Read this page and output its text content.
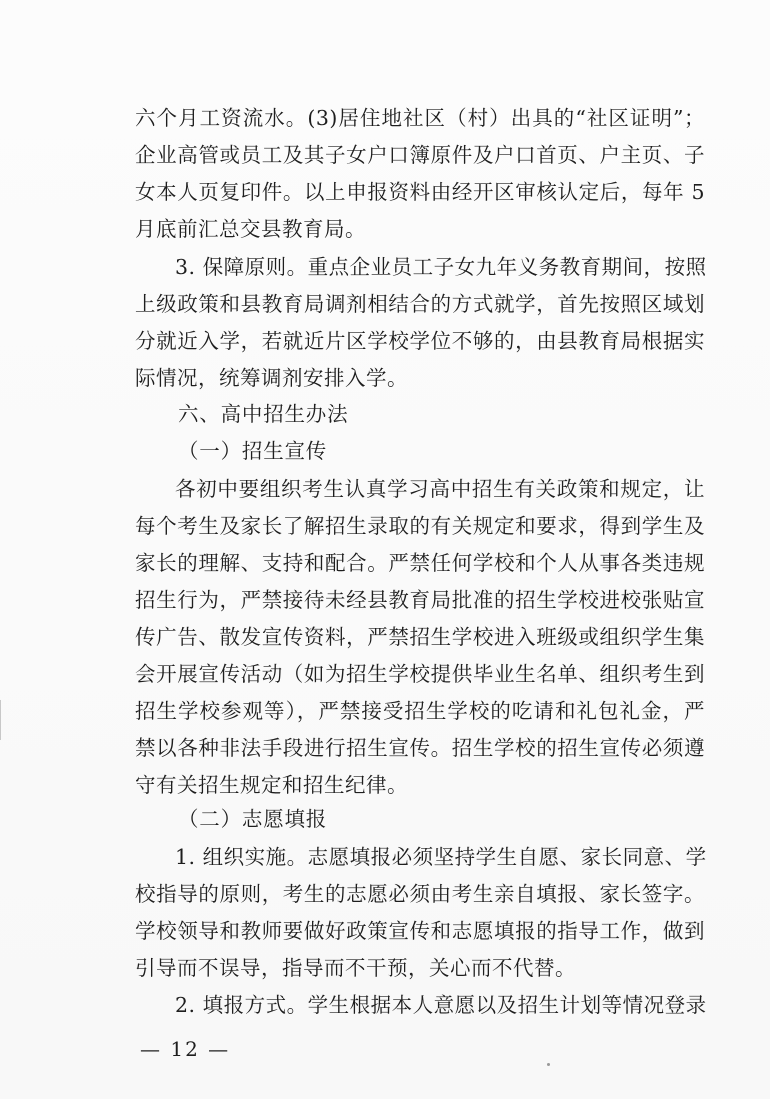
六个月工资流水。(3)居住地社区（村）出具的“社区证明”；
企业高管或员工及其子女户口簿原件及户口首页、户主页、子
女本人页复印件。以上申报资料由经开区审核认定后，每年 5
月底前汇总交县教育局。
3. 保障原则。重点企业员工子女九年义务教育期间，按照
上级政策和县教育局调剂相结合的方式就学，首先按照区域划
分就近入学，若就近片区学校学位不够的，由县教育局根据实
际情况，统筹调剂安排入学。
六、高中招生办法
（一）招生宣传
各初中要组织考生认真学习高中招生有关政策和规定，让
每个考生及家长了解招生录取的有关规定和要求，得到学生及
家长的理解、支持和配合。严禁任何学校和个人从事各类违规
招生行为，严禁接待未经县教育局批准的招生学校进校张贴宣
传广告、散发宣传资料，严禁招生学校进入班级或组织学生集
会开展宣传活动（如为招生学校提供毕业生名单、组织考生到
招生学校参观等），严禁接受招生学校的吃请和礼包礼金，严
禁以各种非法手段进行招生宣传。招生学校的招生宣传必须遵
守有关招生规定和招生纪律。
（二）志愿填报
1. 组织实施。志愿填报必须坚持学生自愿、家长同意、学
校指导的原则，考生的志愿必须由考生亲自填报、家长签字。
学校领导和教师要做好政策宣传和志愿填报的指导工作，做到
引导而不误导，指导而不干预，关心而不代替。
2. 填报方式。学生根据本人意愿以及招生计划等情况登录
— 12 —
